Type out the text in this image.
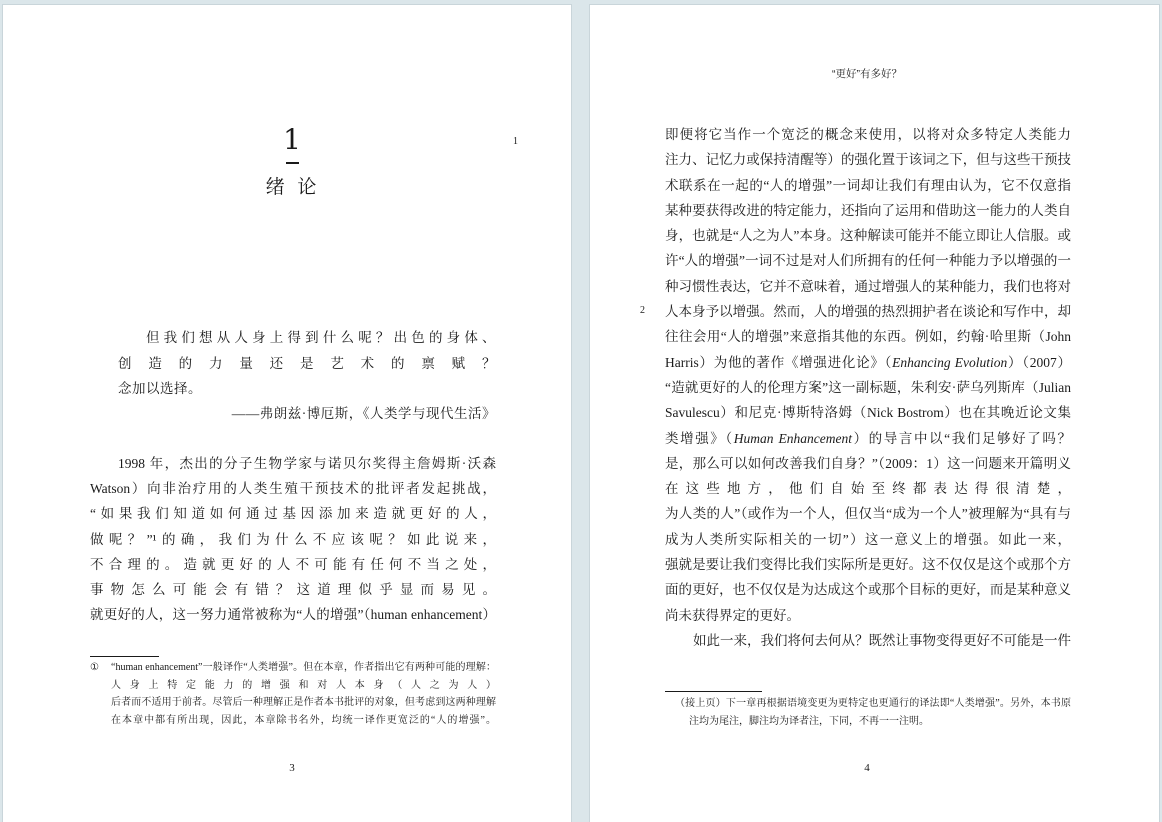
1
绪 论
1
但我们想从人身上得到什么呢？出色的身体、
创造的力量还是艺术的禀赋？
念加以选择。
——弗朗兹·博厄斯，《人类学与现代生活》
1998 年，杰出的分子生物学家与诺贝尔奖得主詹姆斯·沃森
Watson）向非治疗用的人类生殖干预技术的批评者发起挑战，
“如果我们知道如何通过基因添加来造就更好的人，
做呢？”¹的确，我们为什么不应该呢？如此说来，
不合理的。造就更好的人不可能有任何不当之处，
事物怎么可能会有错？这道理似乎显而易见。
就更好的人，这一努力通常被称为“人的增强”（human enhancement）
①	“human enhancement”一般译作“人类增强”。但在本章，作者指出它有两种可能的理解：
人身上特定能力的增强和对人本身（人之为人）
后者而不适用于前者。尽管后一种理解正是作者本书批评的对象，但考虑到这两种理解
在本章中都有所出现，因此，本章除书名外，均统一译作更宽泛的“人的增强”。
3
“更好”有多好？
2
即便将它当作一个宽泛的概念来使用，以将对众多特定人类能力
注力、记忆力或保持清醒等）的强化置于该词之下，但与这些干预技
术联系在一起的“人的增强”一词却让我们有理由认为，它不仅意指
某种要获得改进的特定能力，还指向了运用和借助这一能力的人类自
身，也就是“人之为人”本身。这种解读可能并不能立即让人信服。或
许“人的增强”一词不过是对人们所拥有的任何一种能力予以增强的一
种习惯性表达，它并不意味着，通过增强人的某种能力，我们也将对
人本身予以增强。然而，人的增强的热烈拥护者在谈论和写作中，却
往往会用“人的增强”来意指其他的东西。例如，约翰·哈里斯（John
Harris）为他的著作《增强进化论》（Enhancing Evolution）（2007）
“造就更好的人的伦理方案”这一副标题，朱利安·萨乌列斯库（Julian
Savulescu）和尼克·博斯特洛姆（Nick Bostrom）也在其晚近论文集
类增强》（Human Enhancement）的导言中以“我们足够好了吗？
是，那么可以如何改善我们自身？”（2009：1）这一问题来开篇明义
在这些地方，他们自始至终都表达得很清楚，
为人类的人”（或作为一个人，但仅当“成为一个人”被理解为“具有与
成为人类所实际相关的一切”）这一意义上的增强。如此一来，
强就是要让我们变得比我们实际所是更好。这不仅仅是这个或那个方
面的更好，也不仅仅是为达成这个或那个目标的更好，而是某种意义
尚未获得界定的更好。
如此一来，我们将何去何从？既然让事物变得更好不可能是一件
（接上页）下一章再根据语境变更为更特定也更通行的译法即“人类增强”。另外，本书原
注均为尾注，脚注均为译者注，下同，不再一一注明。
4
